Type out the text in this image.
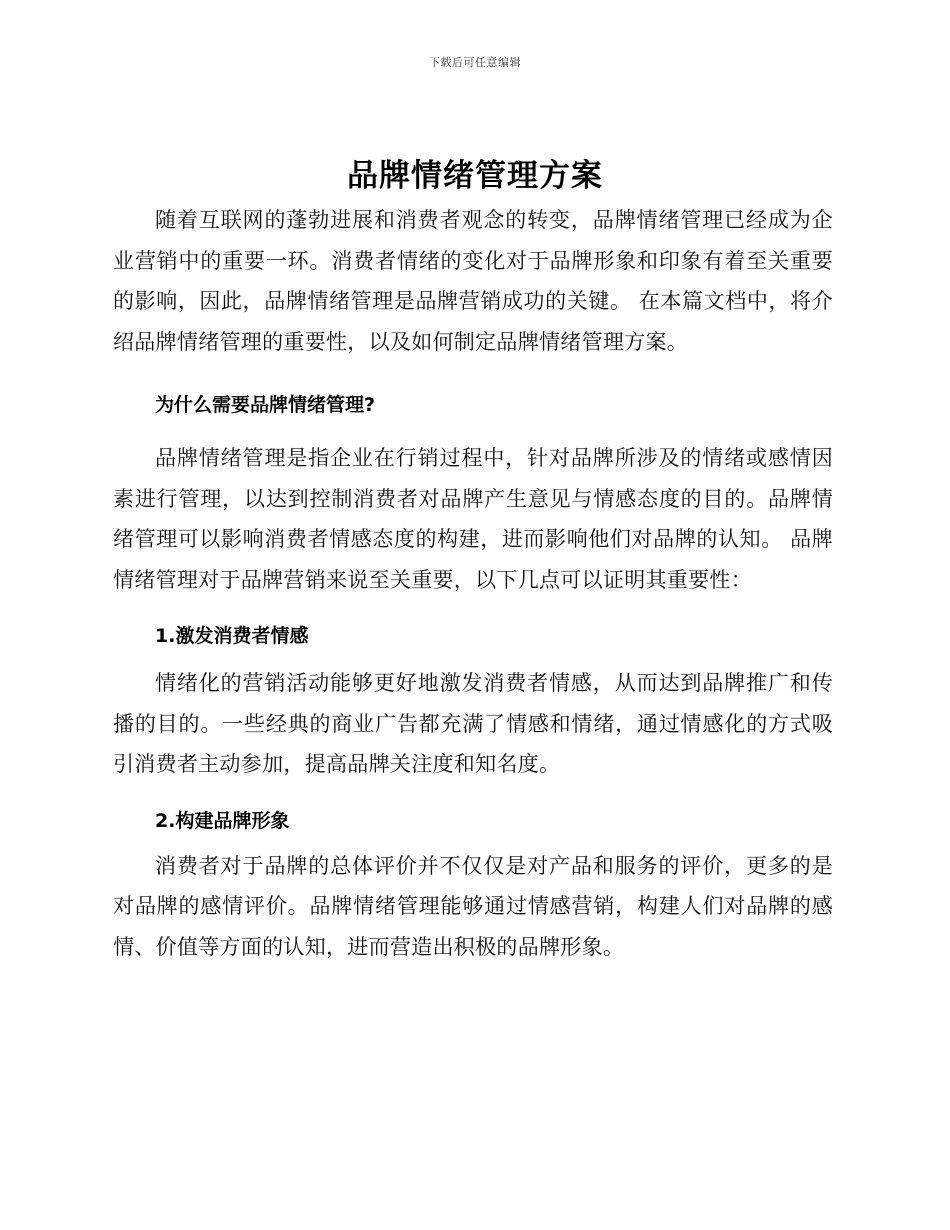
下载后可任意编辑
品牌情绪管理方案

随着互联网的蓬勃进展和消费者观念的转变，品牌情绪管理已经成为企业营销中的重要一环。消费者情绪的变化对于品牌形象和印象有着至关重要的影响，因此，品牌情绪管理是品牌营销成功的关键。 在本篇文档中，将介绍品牌情绪管理的重要性，以及如何制定品牌情绪管理方案。

为什么需要品牌情绪管理?

品牌情绪管理是指企业在行销过程中，针对品牌所涉及的情绪或感情因素进行管理，以达到控制消费者对品牌产生意见与情感态度的目的。品牌情绪管理可以影响消费者情感态度的构建，进而影响他们对品牌的认知。 品牌情绪管理对于品牌营销来说至关重要，以下几点可以证明其重要性：

1.激发消费者情感

情绪化的营销活动能够更好地激发消费者情感，从而达到品牌推广和传播的目的。一些经典的商业广告都充满了情感和情绪，通过情感化的方式吸引消费者主动参加，提高品牌关注度和知名度。

2.构建品牌形象

消费者对于品牌的总体评价并不仅仅是对产品和服务的评价，更多的是对品牌的感情评价。品牌情绪管理能够通过情感营销，构建人们对品牌的感情、价值等方面的认知，进而营造出积极的品牌形象。
